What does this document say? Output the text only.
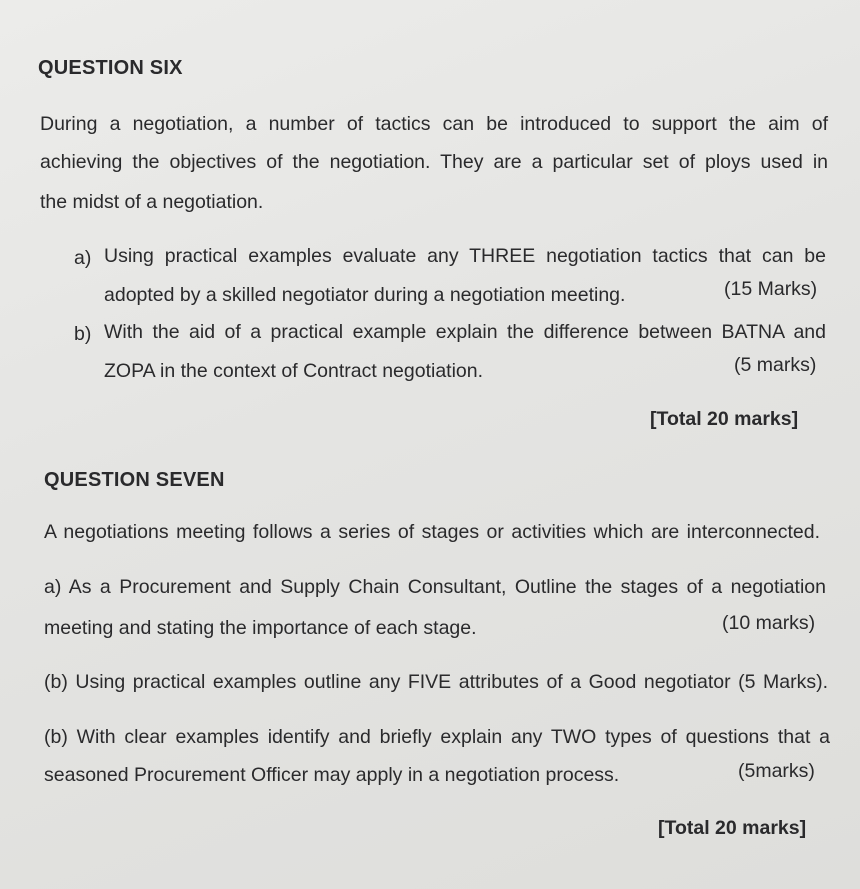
QUESTION SIX
During a negotiation, a number of tactics can be introduced to support the aim of
achieving the objectives of the negotiation. They are a particular set of ploys used in
the midst of a negotiation.
a) Using practical examples evaluate any THREE negotiation tactics that can be
adopted by a skilled negotiator during a negotiation meeting.	(15 Marks)
b) With the aid of a practical example explain the difference between BATNA and
ZOPA in the context of Contract negotiation.	(5 marks)
[Total 20 marks]
QUESTION SEVEN
A negotiations meeting follows a series of stages or activities which are interconnected.
a) As a Procurement and Supply Chain Consultant, Outline the stages of a negotiation
meeting and stating the importance of each stage.	(10 marks)
(b) Using practical examples outline any FIVE attributes of a Good negotiator (5 Marks).
(b) With clear examples identify and briefly explain any TWO types of questions that a
seasoned Procurement Officer may apply in a negotiation process.	(5marks)
[Total 20 marks]
